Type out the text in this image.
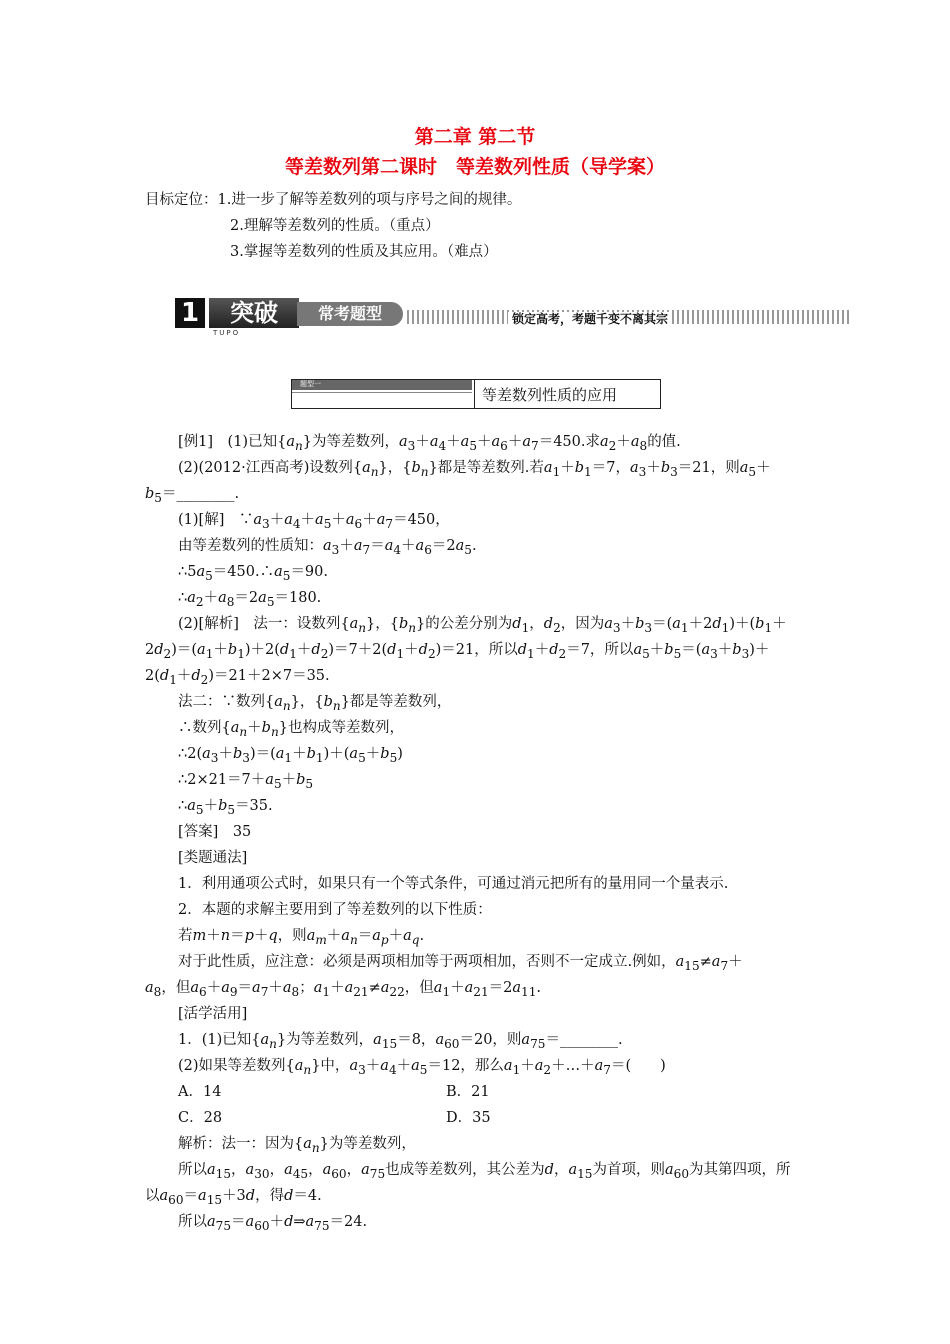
第二章 第二节
等差数列第二课时　等差数列性质（导学案）
目标定位：1.进一步了解等差数列的项与序号之间的规律。
2.理解等差数列的性质。（重点）
3.掌握等差数列的性质及其应用。（难点）
1	突破
TUPO
常考题型	锁定高考，考题千变不离其宗
题型一
等差数列性质的应用
[例1]　(1)已知$\{a_n\}$为等差数列，$a_3+a_4+a_5+a_6+a_7=450$.求$a_2+a_8$的值.
(2)(2012·江西高考)设数列$\{a_n\}$，$\{b_n\}$都是等差数列.若$a_1+b_1=7$，$a_3+b_3=21$，则$a_5+$
$b_5=\_\_\_\_\_\_\_\_$.
(1)[解]　$\because a_3+a_4+a_5+a_6+a_7=450$，
由等差数列的性质知：$a_3+a_7=a_4+a_6=2a_5$.
$\therefore 5a_5=450.\therefore a_5=90$.
$\therefore a_2+a_8=2a_5=180$.
(2)[解析]　法一：设数列$\{a_n\}$，$\{b_n\}$的公差分别为$d_1$，$d_2$，因为$a_3+b_3=(a_1+2d_1)+(b_1+$
$2d_2)=(a_1+b_1)+2(d_1+d_2)=7+2(d_1+d_2)=21$，所以$d_1+d_2=7$，所以$a_5+b_5=(a_3+b_3)+$
$2(d_1+d_2)=21+2\times 7=35$.
法二：∵数列$\{a_n\}$，$\{b_n\}$都是等差数列，
∴数列$\{a_n+b_n\}$也构成等差数列，
$\therefore 2(a_3+b_3)=(a_1+b_1)+(a_5+b_5)$
$\therefore 2\times 21=7+a_5+b_5$
$\therefore a_5+b_5=35$.
[答案]　35
[类题通法]
1．利用通项公式时，如果只有一个等式条件，可通过消元把所有的量用同一个量表示.
2．本题的求解主要用到了等差数列的以下性质：
若m＋n＝p＋q，则$a_m+a_n=a_p+a_q$.
对于此性质，应注意：必须是两项相加等于两项相加，否则不一定成立.例如，$a_{15}\ne a_7+$
$a_8$，但$a_6+a_9=a_7+a_8$；$a_1+a_{21}\ne a_{22}$，但$a_1+a_{21}=2a_{11}$.
[活学活用]
1．(1)已知$\{a_n\}$为等差数列，$a_{15}=8$，$a_{60}=20$，则$a_{75}=\_\_\_\_\_\_\_\_$.
(2)如果等差数列$\{a_n\}$中，$a_3+a_4+a_5=12$，那么$a_1+a_2+\dots+a_7=$(　　)
A．14	B．21
C．28	D．35
解析：法一：因为$\{a_n\}$为等差数列，
所以$a_{15}$，$a_{30}$，$a_{45}$，$a_{60}$，$a_{75}$也成等差数列，其公差为d，$a_{15}$为首项，则$a_{60}$为其第四项，所
以$a_{60}=a_{15}+3d$，得d＝4.
所以$a_{75}=a_{60}+d\Rightarrow a_{75}=24$.
